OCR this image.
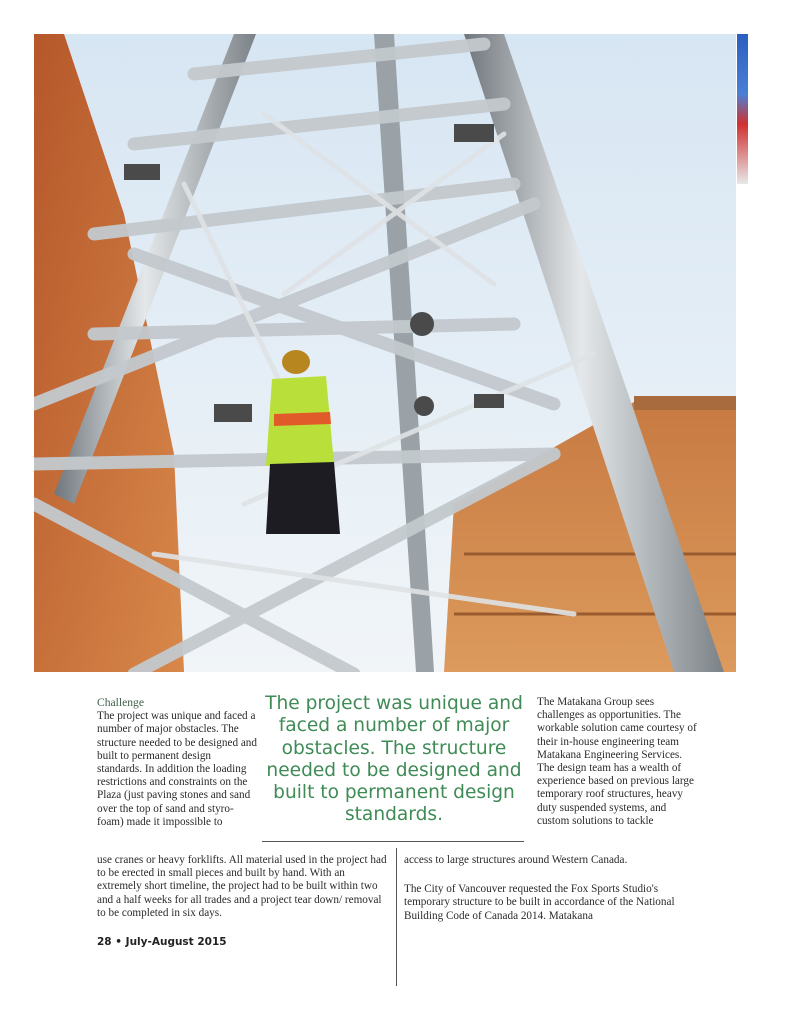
Challenge

The project was unique and faced a number of major obstacles. The structure needed to be designed and built to permanent design standards. In addition the loading restrictions and constraints on the Plaza (just paving stones and sand over the top of sand and styro-foam) made it impossible to

The project was unique and faced a number of major obstacles. The structure needed to be designed and built to permanent design standards.

The Matakana Group sees challenges as opportunities. The workable solution came courtesy of their in-house engineering team Matakana Engineering Services. The design team has a wealth of experience based on previous large temporary roof structures, heavy duty suspended systems, and custom solutions to tackle

use cranes or heavy forklifts. All material used in the project had to be erected in small pieces and built by hand. With an extremely short timeline, the project had to be built within two and a half weeks for all trades and a project tear down/ removal to be completed in six days.

access to large structures around Western Canada.

The City of Vancouver requested the Fox Sports Studio's temporary structure to be built in accordance of the National Building Code of Canada 2014. Matakana

28 • July-August 2015
